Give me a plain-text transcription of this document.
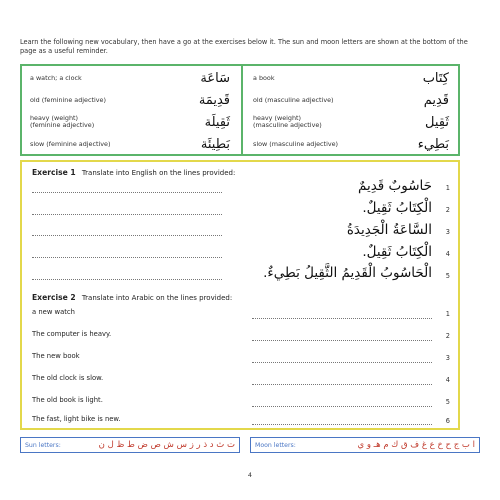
Learn the following new vocabulary, then have a go at the exercises below it. The sun and moon letters are shown at the bottom of the page as a useful reminder.
a watch; a clock	سَاعَة
old (feminine adjective)	قَدِيمَة
heavy (weight)
(feminine adjective)	ثَقِيلَة
slow (feminine adjective)	بَطِيئَة
a book	كِتَاب
old (masculine adjective)	قَدِيم
heavy (weight)
(masculine adjective)	ثَقِيل
slow (masculine adjective)	بَطِيء
Exercise 1 Translate into English on the lines provided:
حَاسُوبٌ قَدِيمٌ 1
الْكِتَابُ ثَقِيلٌ. 2
السَّاعَةُ الْجَدِيدَةُ 3
الْكِتَابُ ثَقِيلٌ. 4
الْحَاسُوبُ الْقَدِيمُ الثَّقِيلُ بَطِيءٌ. 5
Exercise 2 Translate into Arabic on the lines provided:
a new watch	1
The computer is heavy.	2
The new book	3
The old clock is slow.	4
The old book is light.	5
The fast, light bike is new.	6
Sun letters:	ت ث د ذ ر ز س ش ص ض ط ظ ل ن	Moon letters:	ا ب ج ح خ ع غ ف ق ك م هـ و ي
4
